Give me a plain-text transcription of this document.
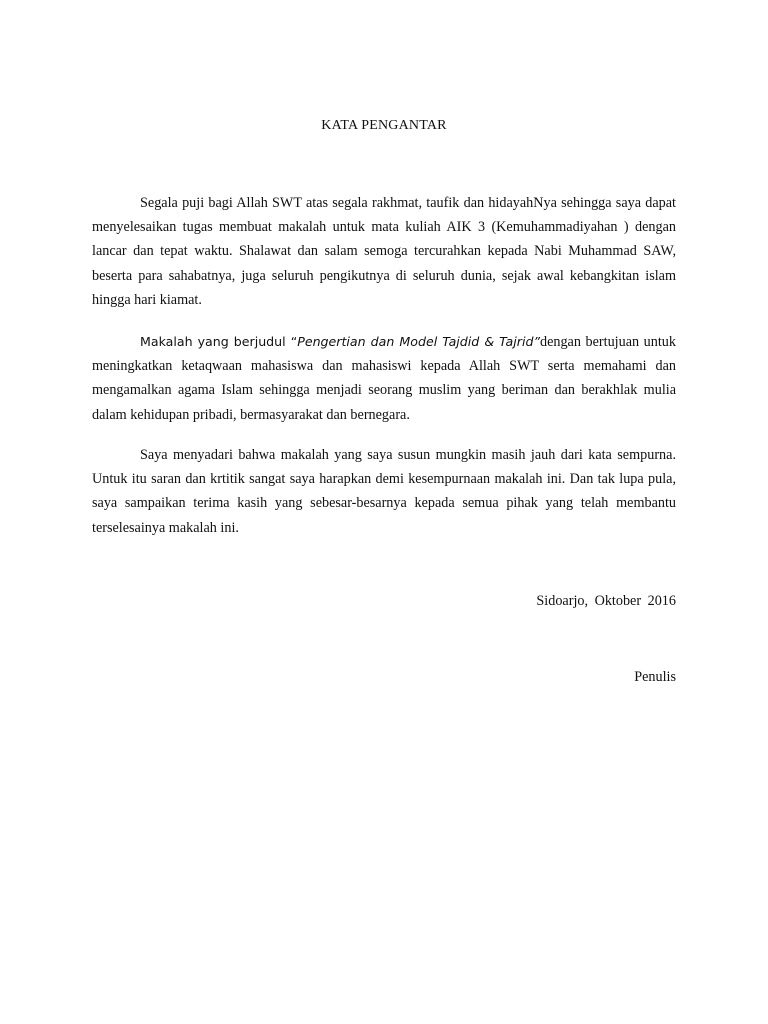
KATA PENGANTAR

Segala puji bagi Allah SWT atas segala rakhmat, taufik dan hidayahNya sehingga saya dapat menyelesaikan tugas membuat makalah untuk mata kuliah AIK 3 (Kemuhammadiyahan ) dengan lancar dan tepat waktu. Shalawat dan salam semoga tercurahkan kepada Nabi Muhammad SAW, beserta para sahabatnya, juga seluruh pengikutnya di seluruh dunia, sejak awal kebangkitan islam hingga hari kiamat.

Makalah yang berjudul “Pengertian dan Model Tajdid & Tajrid”dengan bertujuan untuk meningkatkan ketaqwaan mahasiswa dan mahasiswi kepada Allah SWT serta memahami dan mengamalkan agama Islam sehingga menjadi seorang muslim yang beriman dan berakhlak mulia dalam kehidupan pribadi, bermasyarakat dan bernegara.

Saya menyadari bahwa makalah yang saya susun mungkin masih jauh dari kata sempurna. Untuk itu saran dan krtitik sangat saya harapkan demi kesempurnaan makalah ini. Dan tak lupa pula, saya sampaikan terima kasih yang sebesar-besarnya kepada semua pihak yang telah membantu terselesainya makalah ini.

Sidoarjo, Oktober 2016
Penulis
